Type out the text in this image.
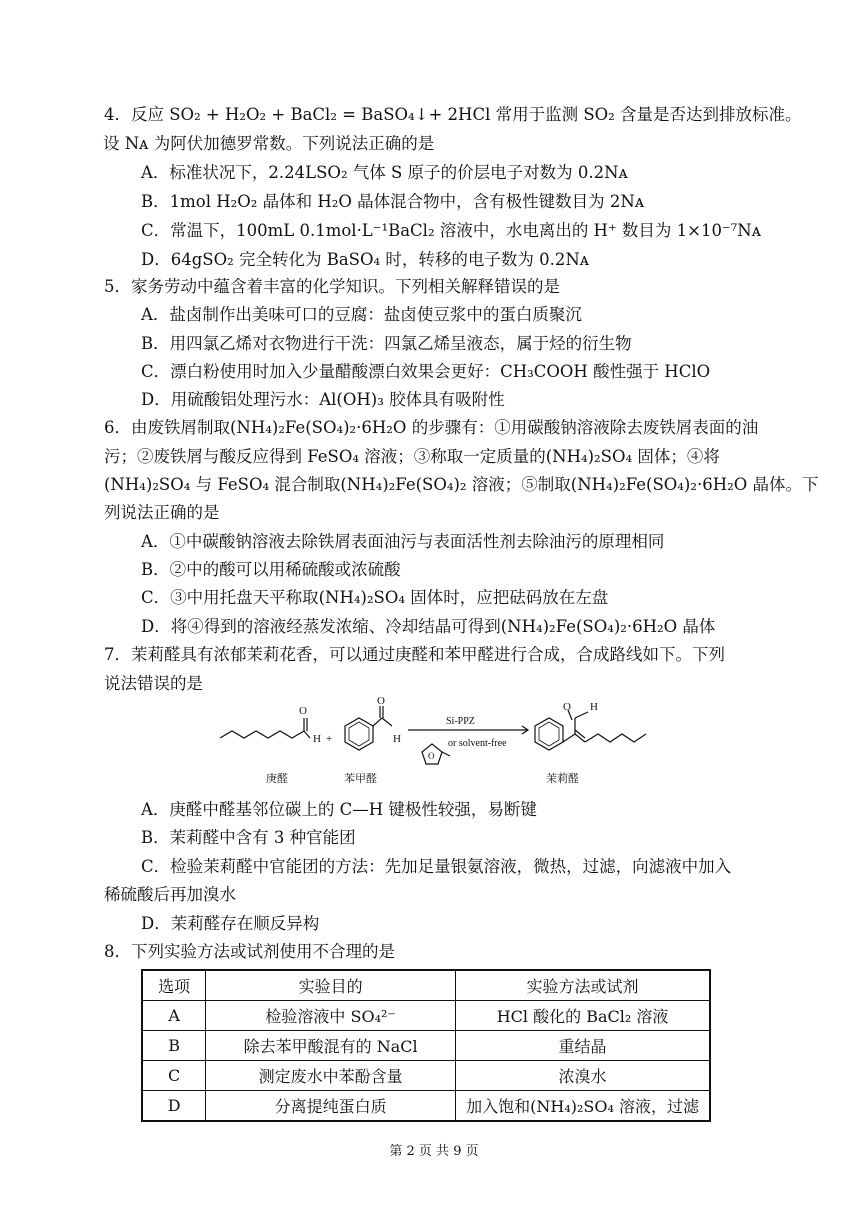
4．反应 SO₂ + H₂O₂ + BaCl₂ = BaSO₄↓+ 2HCl 常用于监测 SO₂ 含量是否达到排放标准。
设 Nᴀ 为阿伏加德罗常数。下列说法正确的是
A．标准状况下，2.24LSO₂ 气体 S 原子的价层电子对数为 0.2Nᴀ
B．1mol H₂O₂ 晶体和 H₂O 晶体混合物中，含有极性键数目为 2Nᴀ
C．常温下，100mL 0.1mol·L⁻¹BaCl₂ 溶液中，水电离出的 H⁺ 数目为 1×10⁻⁷Nᴀ
D．64gSO₂ 完全转化为 BaSO₄ 时，转移的电子数为 0.2Nᴀ
5．家务劳动中蕴含着丰富的化学知识。下列相关解释错误的是
A．盐卤制作出美味可口的豆腐：盐卤使豆浆中的蛋白质聚沉
B．用四氯乙烯对衣物进行干洗：四氯乙烯呈液态，属于烃的衍生物
C．漂白粉使用时加入少量醋酸漂白效果会更好：CH₃COOH 酸性强于 HClO
D．用硫酸铝处理污水：Al(OH)₃ 胶体具有吸附性
6．由废铁屑制取(NH₄)₂Fe(SO₄)₂·6H₂O 的步骤有：①用碳酸钠溶液除去废铁屑表面的油
污；②废铁屑与酸反应得到 FeSO₄ 溶液；③称取一定质量的(NH₄)₂SO₄ 固体；④将
(NH₄)₂SO₄ 与 FeSO₄ 混合制取(NH₄)₂Fe(SO₄)₂ 溶液；⑤制取(NH₄)₂Fe(SO₄)₂·6H₂O 晶体。下
列说法正确的是
A．①中碳酸钠溶液去除铁屑表面油污与表面活性剂去除油污的原理相同
B．②中的酸可以用稀硫酸或浓硫酸
C．③中用托盘天平称取(NH₄)₂SO₄ 固体时，应把砝码放在左盘
D．将④得到的溶液经蒸发浓缩、冷却结晶可得到(NH₄)₂Fe(SO₄)₂·6H₂O 晶体
7．茉莉醛具有浓郁茉莉花香，可以通过庚醛和苯甲醛进行合成，合成路线如下。下列
说法错误的是
O
H +
O
H
Si-PPZ
or solvent-free
O
O H
庚醛	苯甲醛	茉莉醛
A．庚醛中醛基邻位碳上的 C—H 键极性较强，易断键
B．茉莉醛中含有 3 种官能团
C．检验茉莉醛中官能团的方法：先加足量银氨溶液，微热，过滤，向滤液中加入
稀硫酸后再加溴水
D．茉莉醛存在顺反异构
8．下列实验方法或试剂使用不合理的是
选项	实验目的	实验方法或试剂
A	检验溶液中 SO₄²⁻	HCl 酸化的 BaCl₂ 溶液
B	除去苯甲酸混有的 NaCl	重结晶
C	测定废水中苯酚含量	浓溴水
D	分离提纯蛋白质	加入饱和(NH₄)₂SO₄ 溶液，过滤
第 2 页 共 9 页
